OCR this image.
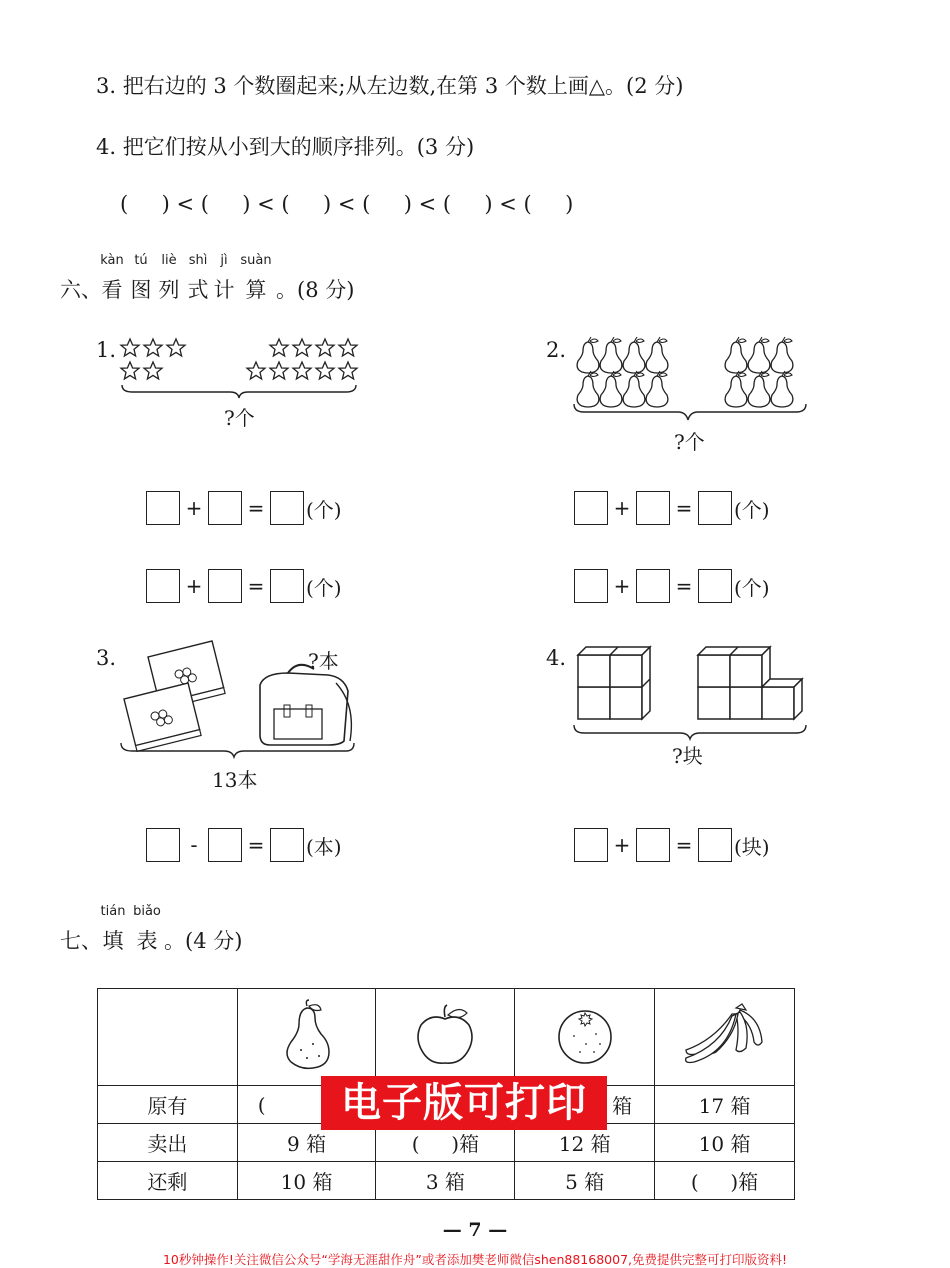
3. 把右边的 3 个数圈起来;从左边数,在第 3 个数上画△。(2 分)
4. 把它们按从小到大的顺序排列。(3 分)
(     ) < (     ) < (     ) < (     ) < (     ) < (     )
kàn tú liè shì jì suàn
六、看 图 列 式 计 算 。(8 分)
1.
?个
2.
?个
+ = (个)	+ = (个)
+ = (个)	+ = (个)
3.	?本
13本
4.
?块
-	= (本)	+ = (块)
tián biǎo
七、填 表 。(4 分)

原有	(		箱	17 箱
卖出	9 箱	(     )箱	12 箱	10 箱
还剩	10 箱	3 箱	5 箱	(     )箱
电子版可打印
— 7 —
10秒钟操作!关注微信公众号“学海无涯甜作舟”或者添加樊老师微信shen88168007,免费提供完整可打印版资料!
